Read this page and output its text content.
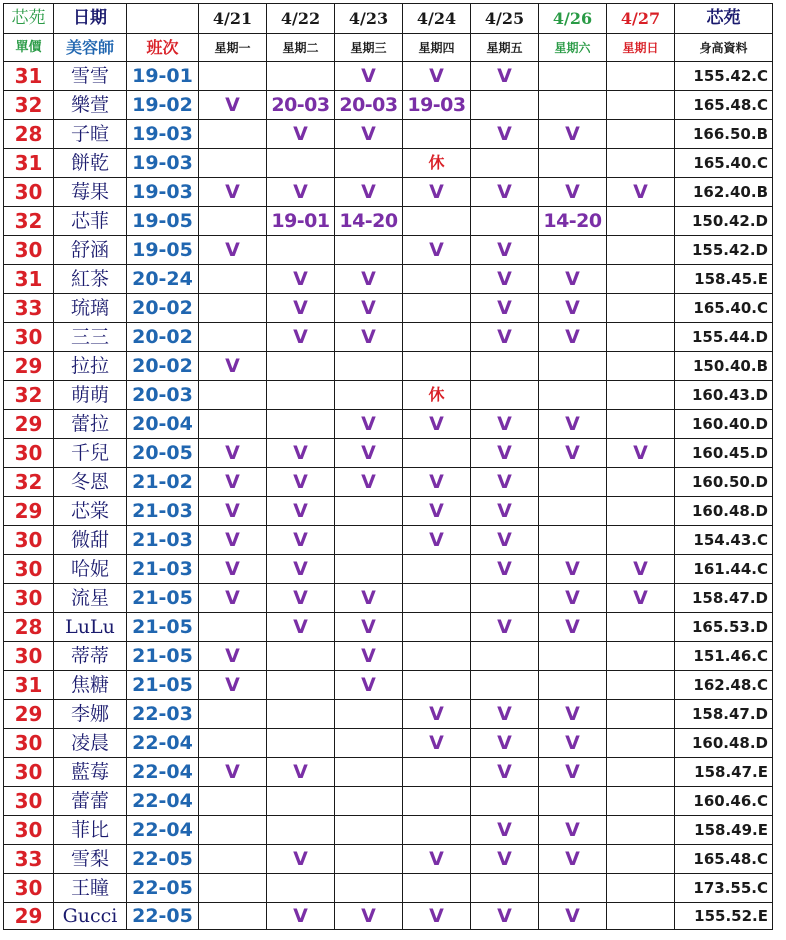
芯苑	日期		4/21	4/22	4/23	4/24	4/25	4/26	4/27	芯苑
單價	美容師	班次	星期一	星期二	星期三	星期四	星期五	星期六	星期日	身高資料
31	雪雪	19-01			V	V	V			155.42.C
32	樂萱	19-02	V	20-03	20-03	19-03				165.48.C
28	子暄	19-03		V	V		V	V		166.50.B
31	餅乾	19-03				休				165.40.C
30	莓果	19-03	V	V	V	V	V	V	V	162.40.B
32	芯菲	19-05		19-01	14-20			14-20		150.42.D
30	舒涵	19-05	V			V	V			155.42.D
31	紅茶	20-24		V	V		V	V		158.45.E
33	琉璃	20-02		V	V		V	V		165.40.C
30	三三	20-02		V	V		V	V		155.44.D
29	拉拉	20-02	V							150.40.B
32	萌萌	20-03				休				160.43.D
29	蕾拉	20-04			V	V	V	V		160.40.D
30	千兒	20-05	V	V	V		V	V	V	160.45.D
32	冬恩	21-02	V	V	V	V	V			160.50.D
29	芯棠	21-03	V	V		V	V			160.48.D
30	微甜	21-03	V	V		V	V			154.43.C
30	哈妮	21-03	V	V			V	V	V	161.44.C
30	流星	21-05	V	V	V			V	V	158.47.D
28	LuLu	21-05		V	V		V	V		165.53.D
30	蒂蒂	21-05	V		V					151.46.C
31	焦糖	21-05	V		V					162.48.C
29	李娜	22-03				V	V	V		158.47.D
30	凌晨	22-04				V	V	V		160.48.D
30	藍莓	22-04	V	V			V	V		158.47.E
30	蕾蕾	22-04								160.46.C
30	菲比	22-04					V	V		158.49.E
33	雪梨	22-05		V		V	V	V		165.48.C
30	王瞳	22-05								173.55.C
29	Gucci	22-05		V	V	V	V	V		155.52.E
